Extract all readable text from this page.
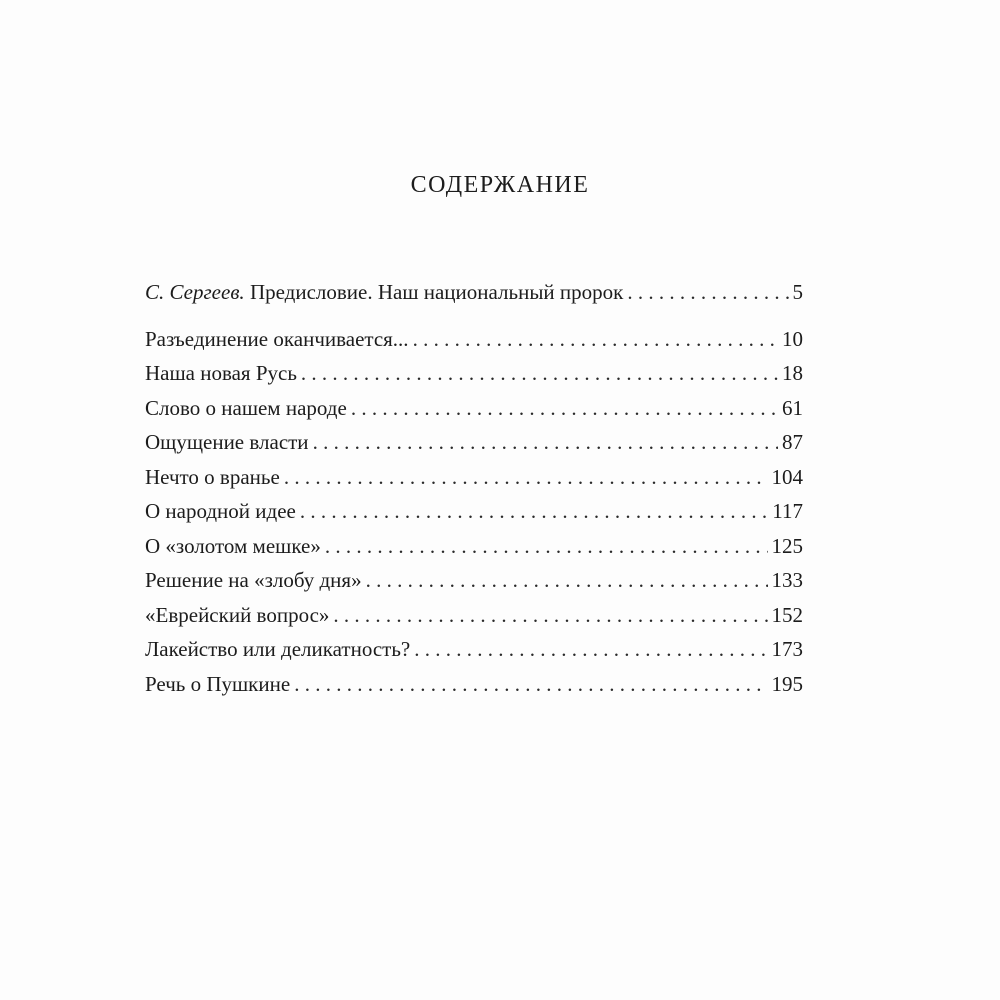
СОДЕРЖАНИЕ
С. Сергеев. Предисловие. Наш национальный пророк . . .	5
Разъединение оканчивается... . . .	10
Наша новая Русь . . .	18
Слово о нашем народе . . .	61
Ощущение власти . . .	87
Нечто о вранье . . .	104
О народной идее . . .	117
О «золотом мешке» . . .	125
Решение на «злобу дня» . . .	133
«Еврейский вопрос» . . .	152
Лакейство или деликатность? . . .	173
Речь о Пушкине . . .	195
